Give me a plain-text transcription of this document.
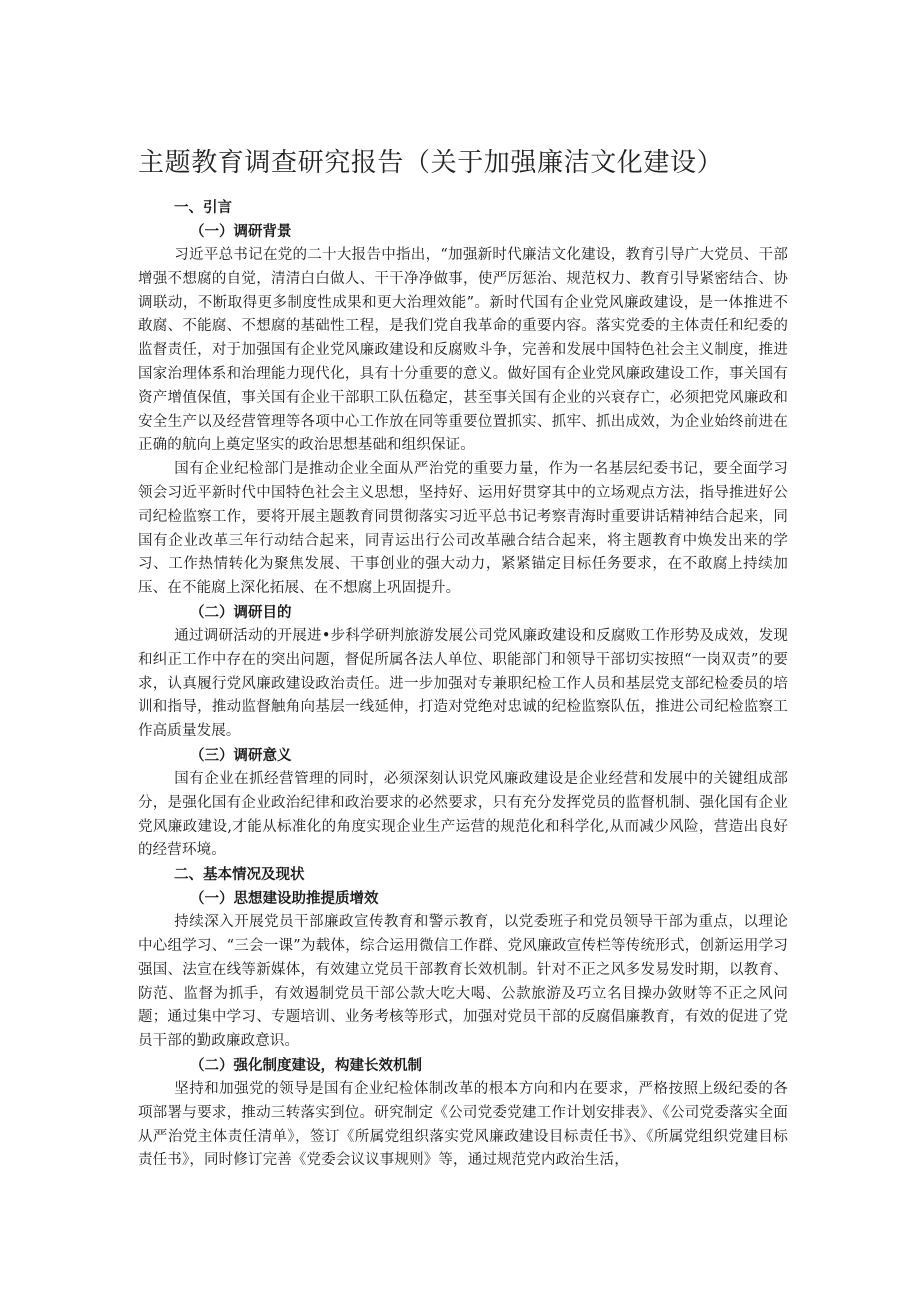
主题教育调查研究报告（关于加强廉洁文化建设）
一、引言
（一）调研背景

习近平总书记在党的二十大报告中指出，“加强新时代廉洁文化建设，教育引导广大党员、干部增强不想腐的自觉，清清白白做人、干干净净做事，使严厉惩治、规范权力、教育引导紧密结合、协调联动，不断取得更多制度性成果和更大治理效能”。新时代国有企业党风廉政建设，是一体推进不敢腐、不能腐、不想腐的基础性工程，是我们党自我革命的重要内容。落实党委的主体责任和纪委的监督责任，对于加强国有企业党风廉政建设和反腐败斗争，完善和发展中国特色社会主义制度，推进国家治理体系和治理能力现代化，具有十分重要的意义。做好国有企业党风廉政建设工作，事关国有资产增值保值，事关国有企业干部职工队伍稳定，甚至事关国有企业的兴衰存亡，必须把党风廉政和安全生产以及经营管理等各项中心工作放在同等重要位置抓实、抓牢、抓出成效，为企业始终前进在正确的航向上奠定坚实的政治思想基础和组织保证。

国有企业纪检部门是推动企业全面从严治党的重要力量，作为一名基层纪委书记，要全面学习领会习近平新时代中国特色社会主义思想，坚持好、运用好贯穿其中的立场观点方法，指导推进好公司纪检监察工作，要将开展主题教育同贯彻落实习近平总书记考察青海时重要讲话精神结合起来，同国有企业改革三年行动结合起来，同青运出行公司改革融合结合起来，将主题教育中焕发出来的学习、工作热情转化为聚焦发展、干事创业的强大动力，紧紧锚定目标任务要求，在不敢腐上持续加压、在不能腐上深化拓展、在不想腐上巩固提升。

（二）调研目的

通过调研活动的开展进•步科学研判旅游发展公司党风廉政建设和反腐败工作形势及成效，发现和纠正工作中存在的突出问题，督促所属各法人单位、职能部门和领导干部切实按照“一岗双责”的要求，认真履行党风廉政建设政治责任。进一步加强对专兼职纪检工作人员和基层党支部纪检委员的培训和指导，推动监督触角向基层一线延伸，打造对党绝对忠诚的纪检监察队伍，推进公司纪检监察工作高质量发展。

（三）调研意义

国有企业在抓经营管理的同时，必须深刻认识党风廉政建设是企业经营和发展中的关键组成部分，是强化国有企业政治纪律和政治要求的必然要求，只有充分发挥党员的监督机制、强化国有企业党风廉政建设,才能从标准化的角度实现企业生产运营的规范化和科学化,从而减少风险，营造出良好的经营环境。

二、基本情况及现状
（一）思想建设助推提质增效

持续深入开展党员干部廉政宣传教育和警示教育，以党委班子和党员领导干部为重点，以理论中心组学习、“三会一课”为载体，综合运用微信工作群、党风廉政宣传栏等传统形式，创新运用学习强国、法宣在线等新媒体，有效建立党员干部教育长效机制。针对不正之风多发易发时期，以教育、防范、监督为抓手，有效遏制党员干部公款大吃大喝、公款旅游及巧立名目操办敛财等不正之风问题；通过集中学习、专题培训、业务考核等形式，加强对党员干部的反腐倡廉教育，有效的促进了党员干部的勤政廉政意识。

（二）强化制度建设，构建长效机制

坚持和加强党的领导是国有企业纪检体制改革的根本方向和内在要求，严格按照上级纪委的各项部署与要求，推动三转落实到位。研究制定《公司党委党建工作计划安排表》、《公司党委落实全面从严治党主体责任清单》，签订《所属党组织落实党风廉政建设目标责任书》、《所属党组织党建目标责任书》，同时修订完善《党委会议议事规则》等，通过规范党内政治生活，
